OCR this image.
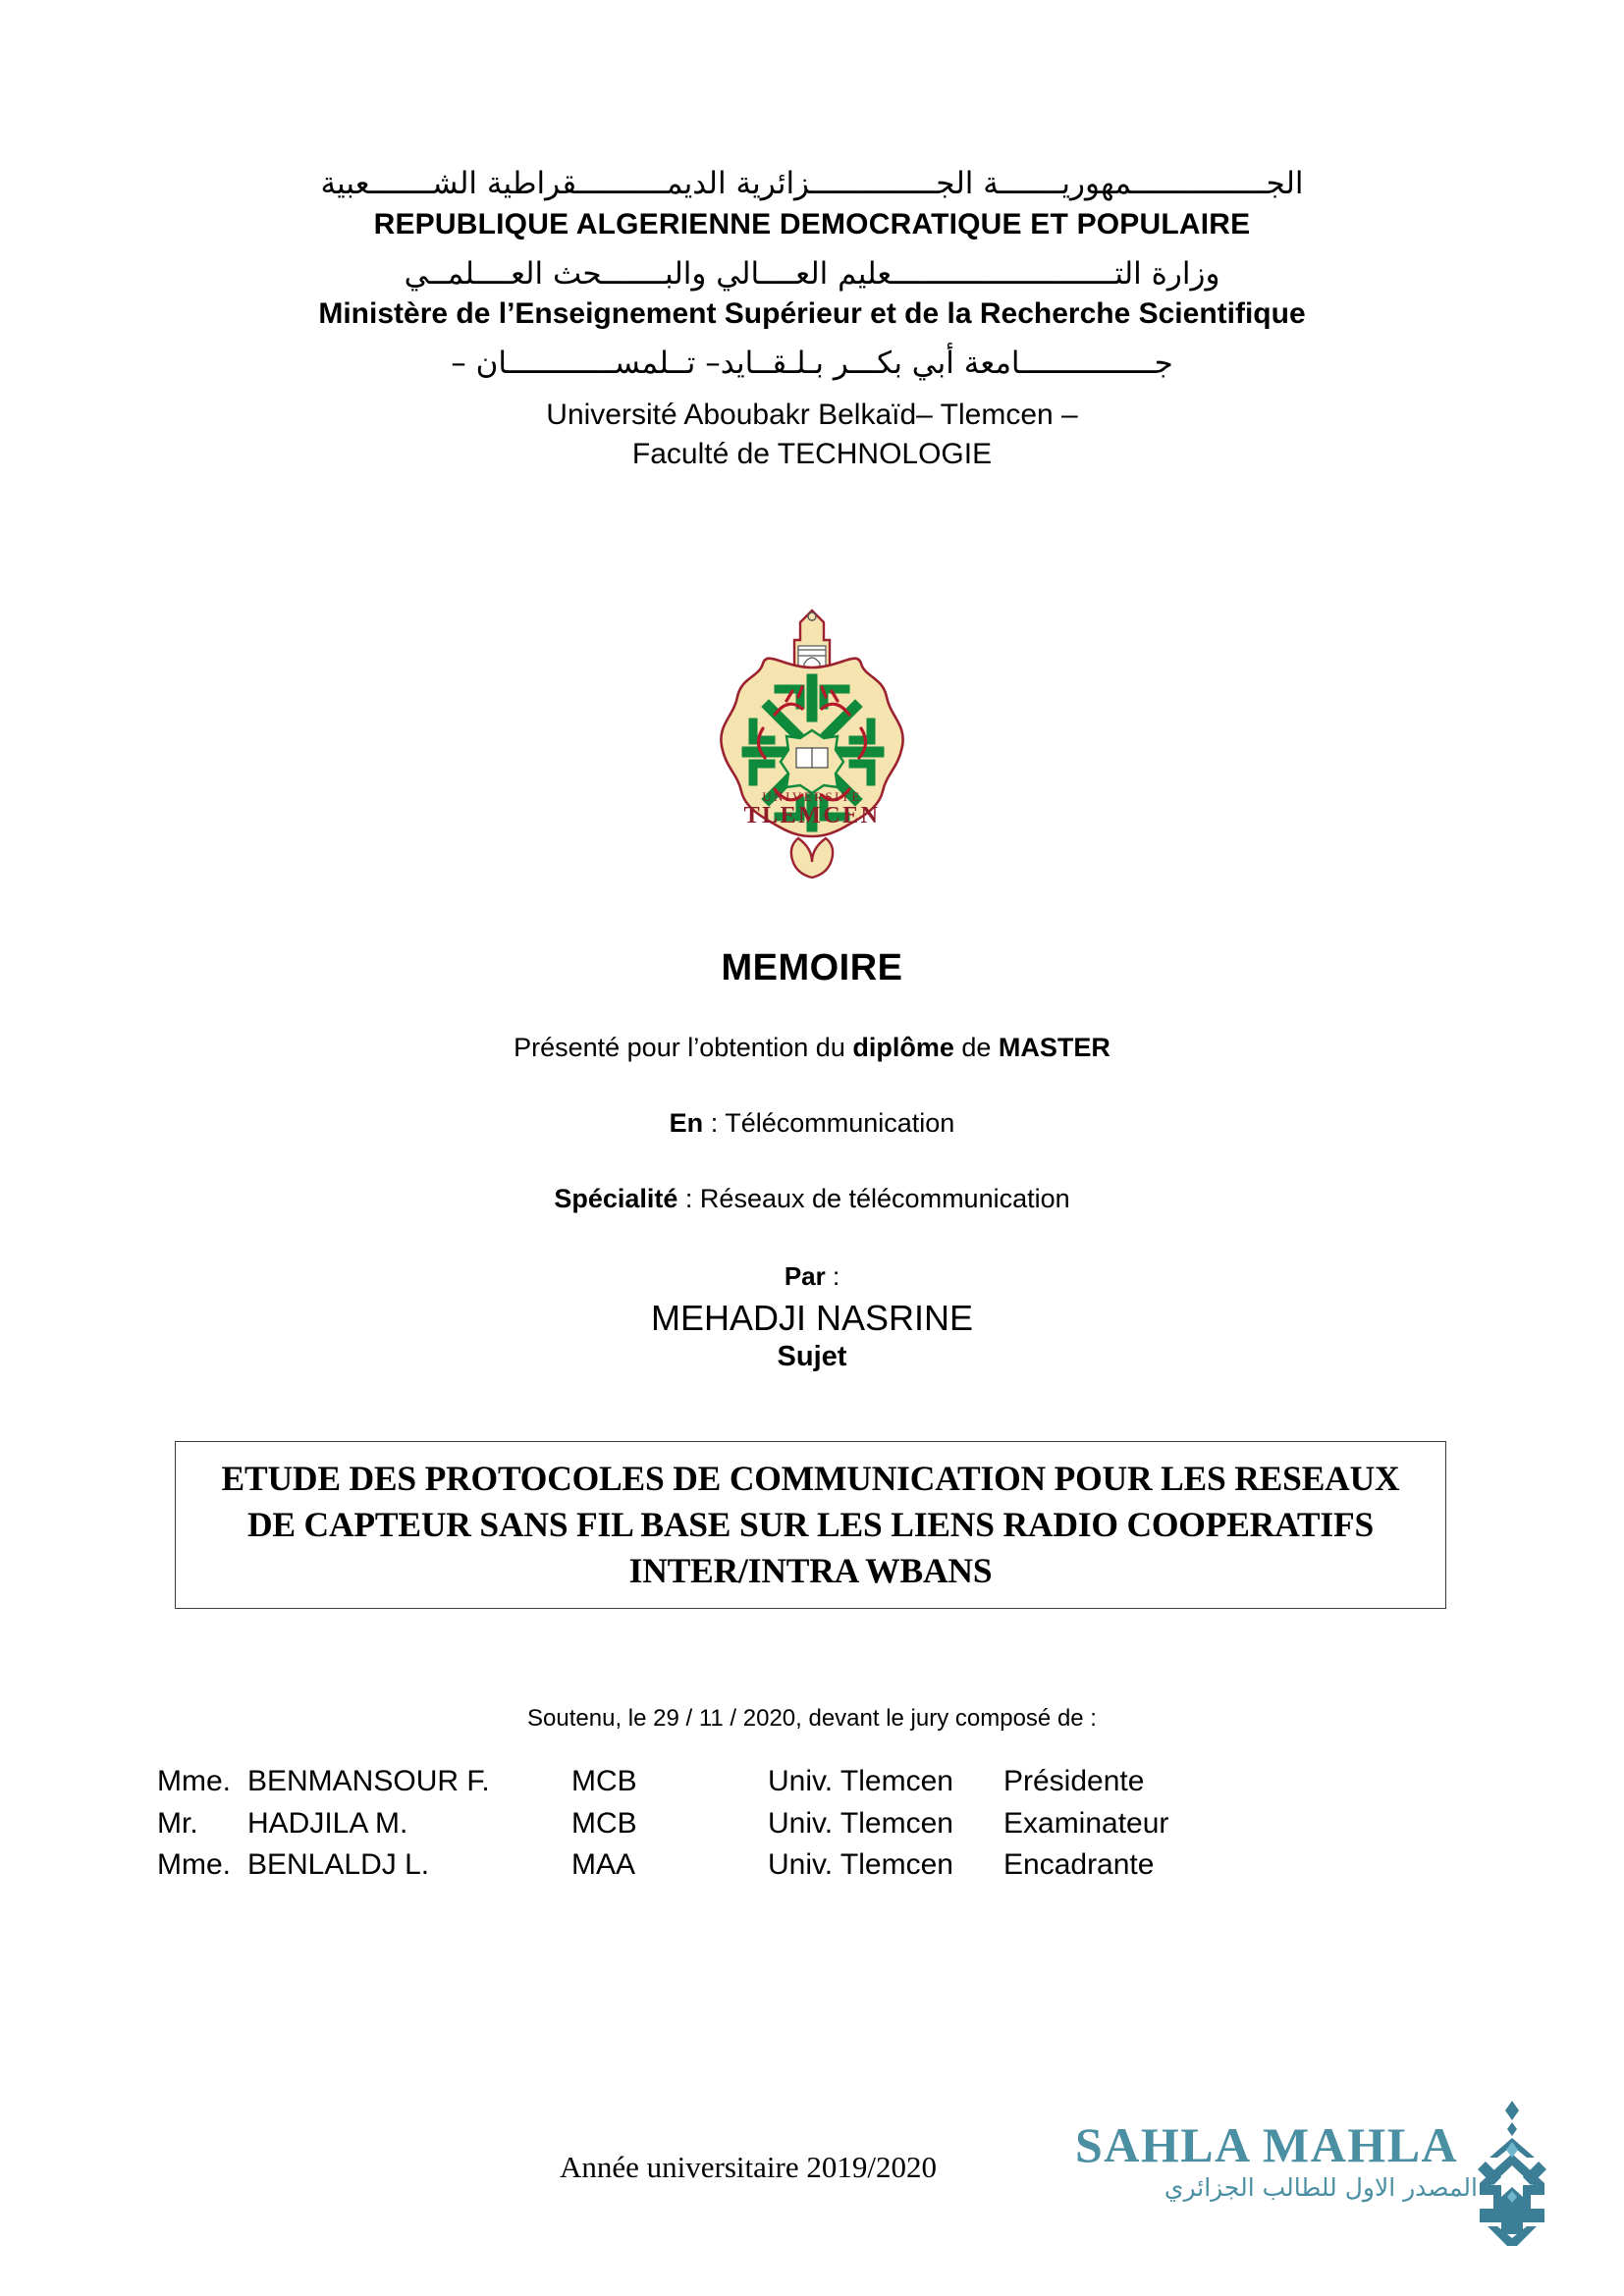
الجـــــــــــــــمهوريـــــــة الجــــــــــــــزائرية الديمــــــــــقراطية الشـــــــعبية
REPUBLIQUE ALGERIENNE DEMOCRATIQUE ET POPULAIRE
وزارة التـــــــــــــــــــــــــعليم العــــالي والبـــــــحث العــــلمــي
Ministère de l’Enseignement Supérieur et de la Recherche Scientifique
جـــــــــــــــامعة أبي بكـــر بـلـقــايد– تــلمســــــــــــان –
Université Aboubakr Belkaïd– Tlemcen –
Faculté de TECHNOLOGIE
UNIVERSITE
TLEMCEN
MEMOIRE
Présenté pour l’obtention du diplôme de MASTER
En : Télécommunication
Spécialité : Réseaux de télécommunication
Par :
MEHADJI NASRINE
Sujet
ETUDE DES PROTOCOLES DE COMMUNICATION POUR LES RESEAUX DE CAPTEUR SANS FIL BASE SUR LES LIENS RADIO COOPERATIFS INTER/INTRA WBANS
Soutenu, le 29 / 11 / 2020, devant le jury composé de :
Mme. BENMANSOUR F.	MCB	Univ. Tlemcen	Présidente
Mr.	HADJILA M.	MCB	Univ. Tlemcen	Examinateur
Mme. BENLALDJ L.	MAA	Univ. Tlemcen	Encadrante
Année universitaire 2019/2020	SAHLA MAHLA
المصدر الاول للطالب الجزائري
